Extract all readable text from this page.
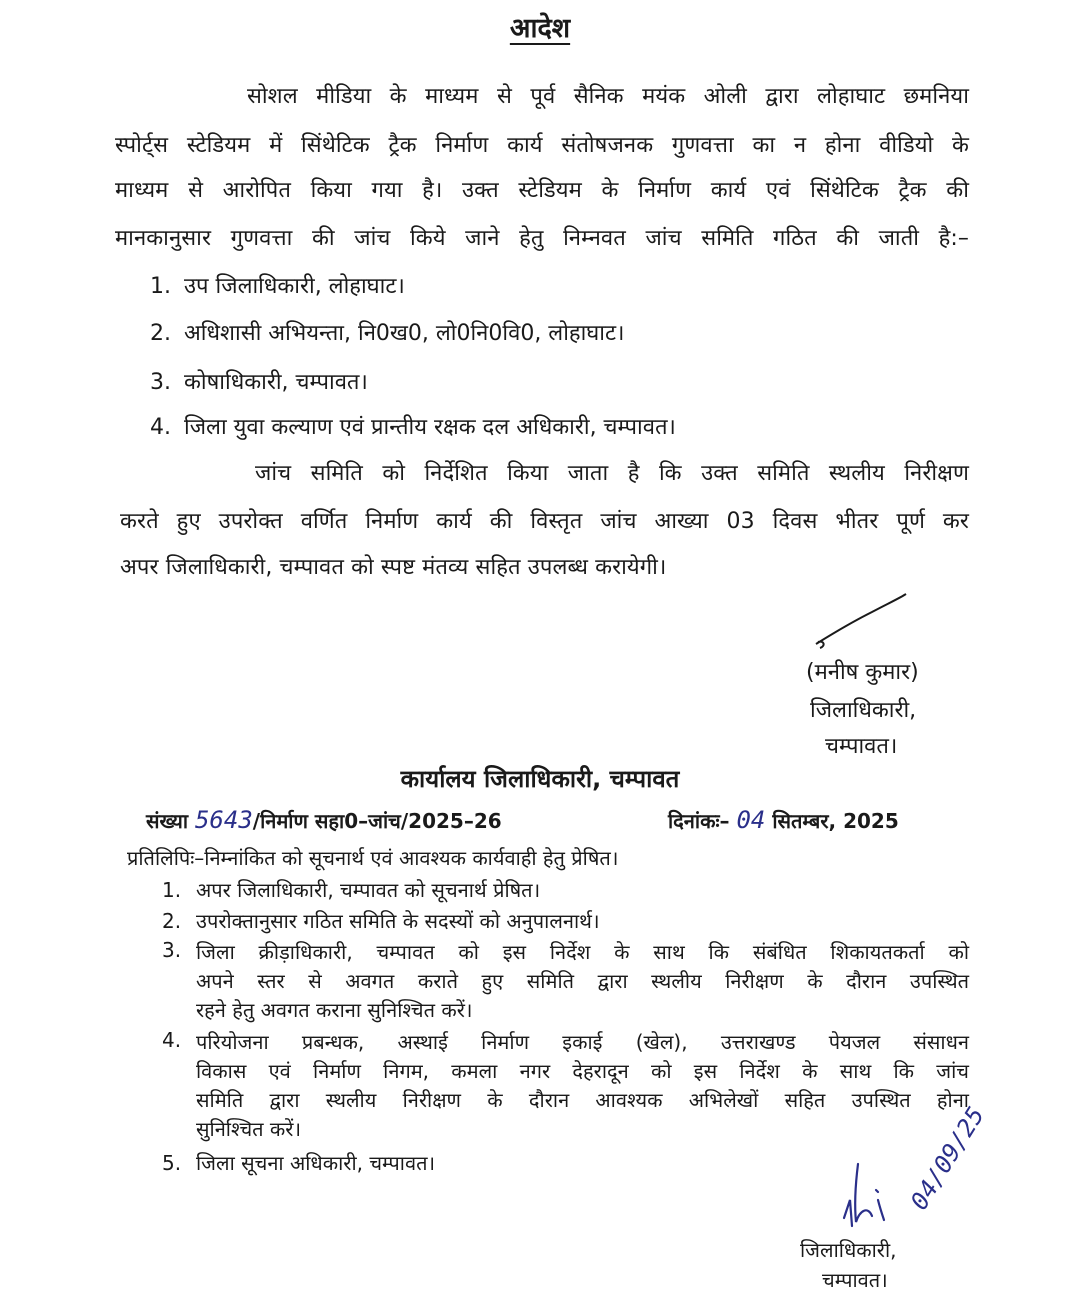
आदेश
सोशल मीडिया के माध्यम से पूर्व सैनिक मयंक ओली द्वारा लोहाघाट छमनिया
स्पोर्ट्स स्टेडियम में सिंथेटिक ट्रैक निर्माण कार्य संतोषजनक गुणवत्ता का न होना वीडियो के
माध्यम से आरोपित किया गया है। उक्त स्टेडियम के निर्माण कार्य एवं सिंथेटिक ट्रैक की
मानकानुसार गुणवत्ता की जांच किये जाने हेतु निम्नवत जांच समिति गठित की जाती है:–
1. उप जिलाधिकारी, लोहाघाट।
2. अधिशासी अभियन्ता, नि0ख0, लो0नि0वि0, लोहाघाट।
3. कोषाधिकारी, चम्पावत।
4. जिला युवा कल्याण एवं प्रान्तीय रक्षक दल अधिकारी, चम्पावत।
जांच समिति को निर्देशित किया जाता है कि उक्त समिति स्थलीय निरीक्षण
करते हुए उपरोक्त वर्णित निर्माण कार्य की विस्तृत जांच आख्या 03 दिवस भीतर पूर्ण कर
अपर जिलाधिकारी, चम्पावत को स्पष्ट मंतव्य सहित उपलब्ध करायेगी।
(मनीष कुमार)
जिलाधिकारी,
चम्पावत।
कार्यालय जिलाधिकारी, चम्पावत
संख्या 5643/निर्माण सहा0–जांच/2025–26	दिनांकः– 04 सितम्बर, 2025
प्रतिलिपिः–निम्नांकित को सूचनार्थ एवं आवश्यक कार्यवाही हेतु प्रेषित।
1. अपर जिलाधिकारी, चम्पावत को सूचनार्थ प्रेषित।
2. उपरोक्तानुसार गठित समिति के सदस्यों को अनुपालनार्थ।
3. जिला क्रीड़ाधिकारी, चम्पावत को इस निर्देश के साथ कि संबंधित शिकायतकर्ता को
अपने स्तर से अवगत कराते हुए समिति द्वारा स्थलीय निरीक्षण के दौरान उपस्थित
रहने हेतु अवगत कराना सुनिश्चित करें।
4. परियोजना प्रबन्धक, अस्थाई निर्माण इकाई (खेल), उत्तराखण्ड पेयजल संसाधन
विकास एवं निर्माण निगम, कमला नगर देहरादून को इस निर्देश के साथ कि जांच
समिति द्वारा स्थलीय निरीक्षण के दौरान आवश्यक अभिलेखों सहित उपस्थित होना
सुनिश्चित करें।
5. जिला सूचना अधिकारी, चम्पावत।	04/09/25
जिलाधिकारी,
चम्पावत।
